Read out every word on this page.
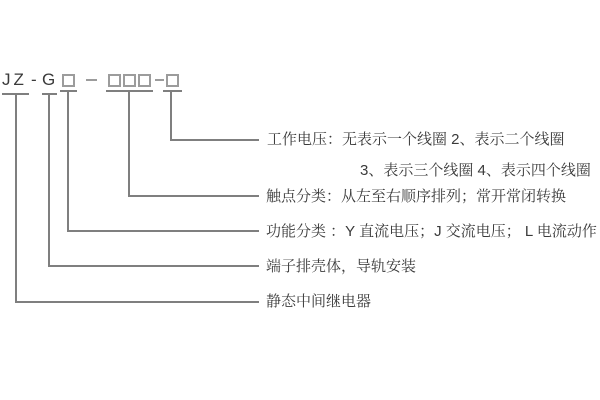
JZ - G
工作电压：无表示一个线圈 2、表示二个线圈
3、表示三个线圈 4、表示四个线圈
触点分类：从左至右顺序排列；常开常闭转换
功能分类 ：Y 直流电压；J 交流电压； L 电流动作
端子排壳体，导轨安装
静态中间继电器
